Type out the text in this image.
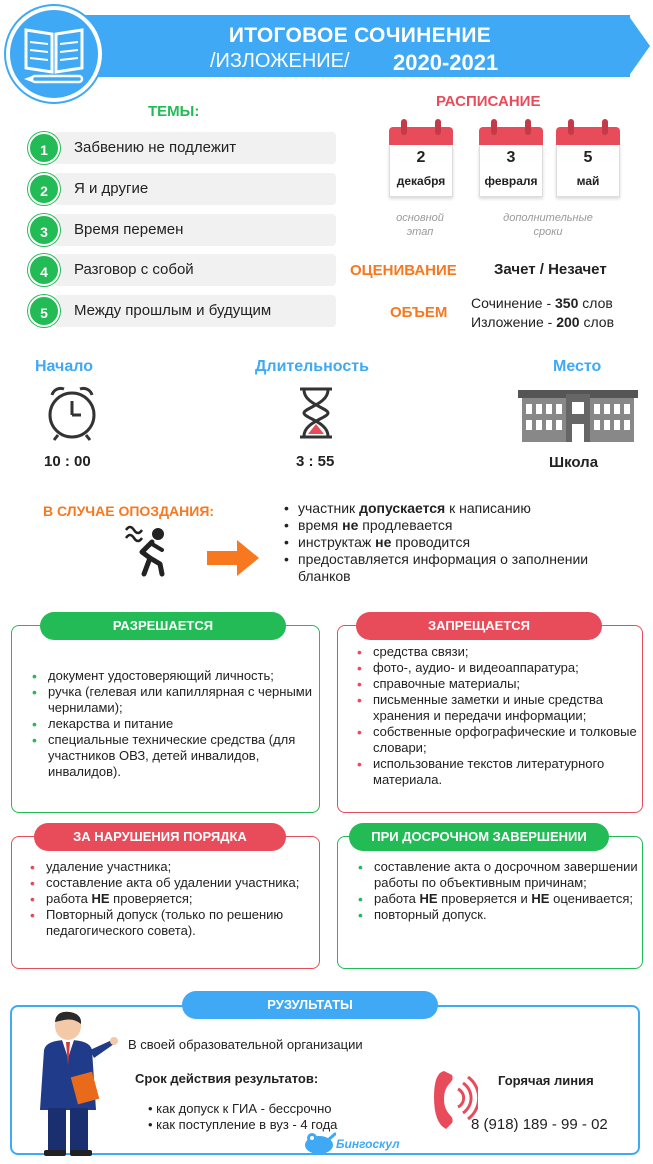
ИТОГОВОЕ СОЧИНЕНИЕ
/ИЗЛОЖЕНИЕ/ 2020-2021
ТЕМЫ:
1	Забвению не подлежит
2	Я и другие
3	Время перемен
4	Разговор с собой
5	Между прошлым и будущим
РАСПИСАНИЕ
2
декабря
3
февраля
5
май
основной
этап
дополнительные
сроки
ОЦЕНИВАНИЕ Зачет / Незачет
ОБЪЕМ
Сочинение - 350 слов
Изложение - 200 слов
Начало
10 : 00
Длительность
3 : 55
Место
Школа
В СЛУЧАЕ ОПОЗДАНИЯ:
•	участник допускается к написанию
• время не продлевается
• инструктаж не проводится
• предоставляется информация о заполнении бланков
РАЗРЕШАЕТСЯ
• документ удостоверяющий личность;
• ручка (гелевая или капиллярная с черными чернилами);
• лекарства и питание
• специальные технические средства (для участников ОВЗ, детей инвалидов, инвалидов).
ЗАПРЕЩАЕТСЯ
• средства связи;
• фото-, аудио- и видеоаппаратура;
• справочные материалы;
• письменные заметки и иные средства хранения и передачи информации;
• собственные орфографические и толковые словари;
• использование текстов литературного материала.
ЗА НАРУШЕНИЯ ПОРЯДКА
• удаление участника;
• составление акта об удалении участника;
• работа НЕ проверяется;
• Повторный допуск (только по решению педагогического совета).
ПРИ ДОСРОЧНОМ ЗАВЕРШЕНИИ
• составление акта о досрочном завершении работы по объективным причинам;
• работа НЕ проверяется и НЕ оценивается;
• повторный допуск.
РУЗУЛЬТАТЫ
В своей образовательной организации
Срок действия результатов:
• как допуск к ГИА - бессрочно
• как поступление в вуз - 4 года
Горячая линия
8 (918) 189 - 99 - 02
Бингоскул
